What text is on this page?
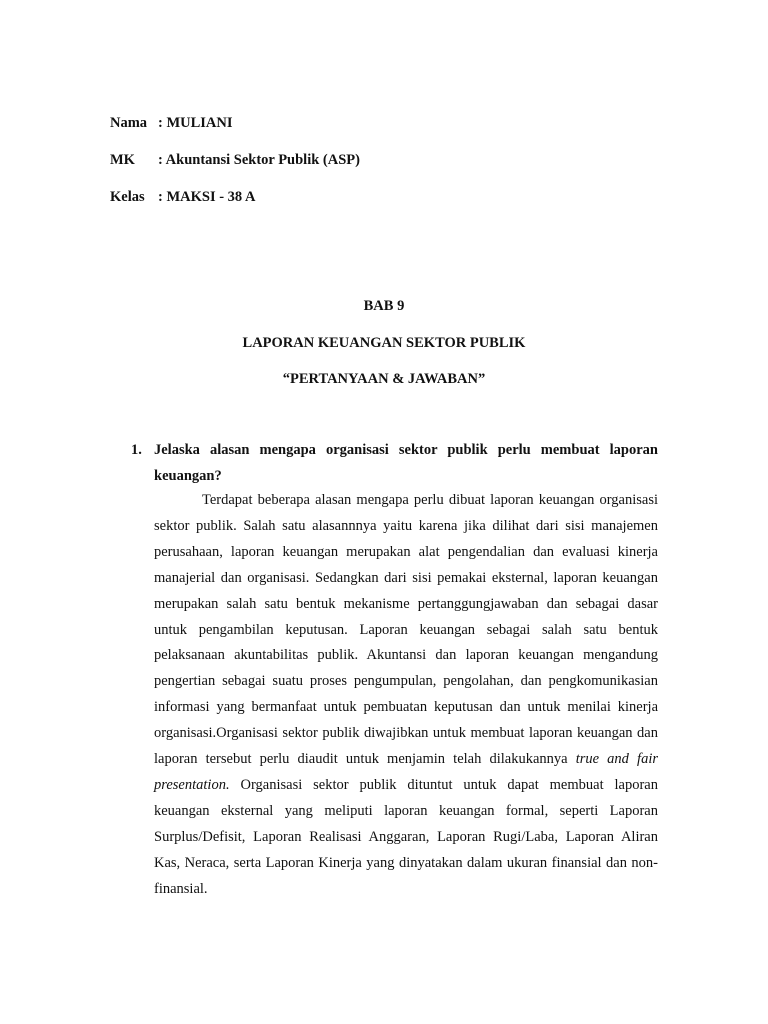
Nama : MULIANI
MK : Akuntansi Sektor Publik (ASP)
Kelas : MAKSI - 38 A
BAB 9
LAPORAN KEUANGAN SEKTOR PUBLIK
“PERTANYAAN & JAWABAN”
1. Jelaska alasan mengapa organisasi sektor publik perlu membuat laporan keuangan?

Terdapat beberapa alasan mengapa perlu dibuat laporan keuangan organisasi sektor publik. Salah satu alasannnya yaitu karena jika dilihat dari sisi manajemen perusahaan, laporan keuangan merupakan alat pengendalian dan evaluasi kinerja manajerial dan organisasi. Sedangkan dari sisi pemakai eksternal, laporan keuangan merupakan salah satu bentuk mekanisme pertanggungjawaban dan sebagai dasar untuk pengambilan keputusan. Laporan keuangan sebagai salah satu bentuk pelaksanaan akuntabilitas publik. Akuntansi dan laporan keuangan mengandung pengertian sebagai suatu proses pengumpulan, pengolahan, dan pengkomunikasian informasi yang bermanfaat untuk pembuatan keputusan dan untuk menilai kinerja organisasi.Organisasi sektor publik diwajibkan untuk membuat laporan keuangan dan laporan tersebut perlu diaudit untuk menjamin telah dilakukannya true and fair presentation. Organisasi sektor publik dituntut untuk dapat membuat laporan keuangan eksternal yang meliputi laporan keuangan formal, seperti Laporan Surplus/Defisit, Laporan Realisasi Anggaran, Laporan Rugi/Laba, Laporan Aliran Kas, Neraca, serta Laporan Kinerja yang dinyatakan dalam ukuran finansial dan non-finansial.
